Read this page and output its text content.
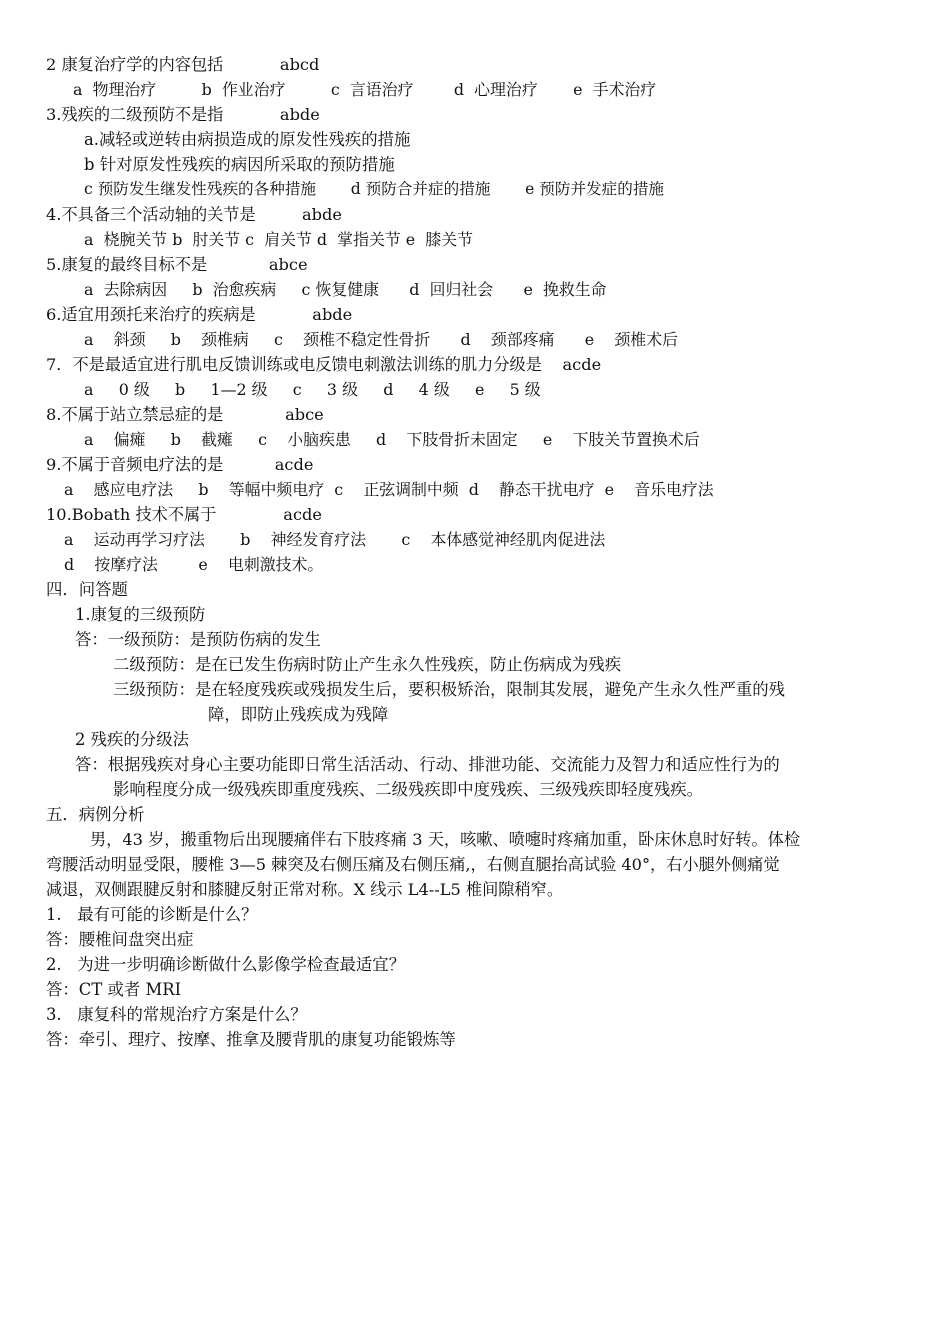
2 康复治疗学的内容包括           abcd
a  物理治疗         b  作业治疗         c  言语治疗        d  心理治疗       e  手术治疗
3.残疾的二级预防不是指           abde
a.减轻或逆转由病损造成的原发性残疾的措施
b 针对原发性残疾的病因所采取的预防措施
c 预防发生继发性残疾的各种措施       d 预防合并症的措施       e 预防并发症的措施
4.不具备三个活动轴的关节是         abde
a  桡腕关节 b  肘关节 c  肩关节 d  掌指关节 e  膝关节
5.康复的最终目标不是            abce
a  去除病因     b  治愈疾病     c 恢复健康      d  回归社会      e  挽救生命
6.适宜用颈托来治疗的疾病是           abde
a    斜颈     b    颈椎病     c    颈椎不稳定性骨折      d    颈部疼痛      e    颈椎术后
7．不是最适宜进行肌电反馈训练或电反馈电刺激法训练的肌力分级是    acde
a     0 级     b     1—2 级     c     3 级     d     4 级     e     5 级
8.不属于站立禁忌症的是            abce
a    偏瘫     b    截瘫     c    小脑疾患     d    下肢骨折未固定     e    下肢关节置换术后
9.不属于音频电疗法的是          acde
a    感应电疗法     b    等幅中频电疗  c    正弦调制中频  d    静态干扰电疗  e    音乐电疗法
10.Bobath 技术不属于             acde
a    运动再学习疗法       b    神经发育疗法       c    本体感觉神经肌肉促进法
d    按摩疗法        e    电刺激技术。
四．问答题
1.康复的三级预防
答：一级预防：是预防伤病的发生
二级预防：是在已发生伤病时防止产生永久性残疾，防止伤病成为残疾
三级预防：是在轻度残疾或残损发生后，要积极矫治，限制其发展，避免产生永久性严重的残
障，即防止残疾成为残障
2 残疾的分级法
答：根据残疾对身心主要功能即日常生活活动、行动、排泄功能、交流能力及智力和适应性行为的
影响程度分成一级残疾即重度残疾、二级残疾即中度残疾、三级残疾即轻度残疾。
五．病例分析
男，43 岁，搬重物后出现腰痛伴右下肢疼痛 3 天，咳嗽、喷嚏时疼痛加重，卧床休息时好转。体检
弯腰活动明显受限，腰椎 3—5 棘突及右侧压痛及右侧压痛,，右侧直腿抬高试验 40°，右小腿外侧痛觉
减退，双侧跟腱反射和膝腱反射正常对称。X 线示 L4--L5 椎间隙稍窄。
1.   最有可能的诊断是什么？
答：腰椎间盘突出症
2.   为进一步明确诊断做什么影像学检查最适宜？
答：CT 或者 MRI
3.   康复科的常规治疗方案是什么？
答：牵引、理疗、按摩、推拿及腰背肌的康复功能锻炼等
